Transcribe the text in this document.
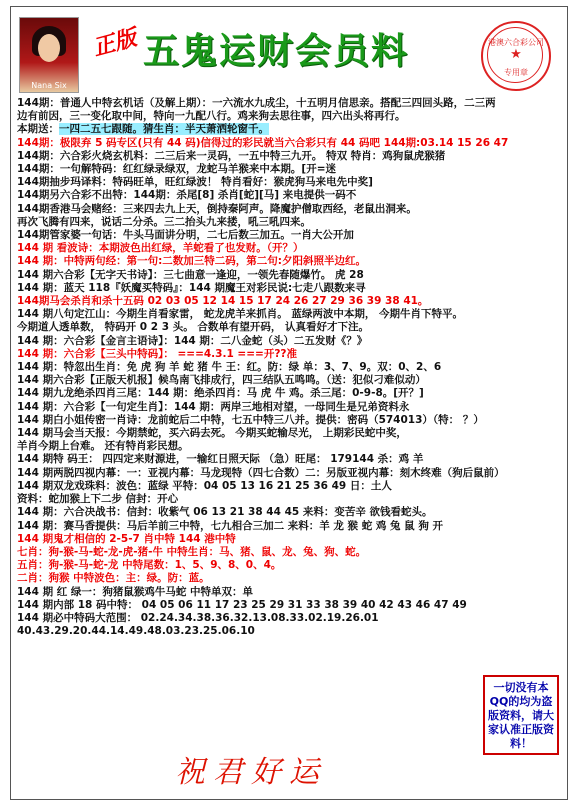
Nana Six
正版 五鬼运财会员料	港澳六合彩公司
★
专用章
144期：普通人中特玄机话（及解上期）：一六流水九成尘，十五明月信思亲。搭配三四回头路，二三两
边有前因，三一变化取中间，特向一九配八行。鸡来狗去思往事，四六出头将再行。
本期送：一四二五七跟随。猜生肖：半天萧洒轮窗千。
144期：极限弃 5 码专区(只有 44 码)信得过的彩民就当六合彩只有 44 码吧 144期:03.14 15 26 47
144期：六合彩火烧玄机料：二三后来一灵码，一五中特三九开。 特双 特肖：鸡狗鼠虎猴猪
144期：一句解特码：红红绿录绿双，龙蛇马羊猴来中本期。[开=迷
144期抽步玛译料：特码旺单，旺红绿波！ 特肖看好：猴虎狗马来电先中奖]
144期另六合彩不出特：144期：杀尾[8] 杀肖[蛇][马] 来电提供一码不
144期香港马会赌经：三来四去九上天，倒持秦阿声。降魔护僧取西经，老鼠出洞来。
再次飞腾有四来，说话二分杀。三二抬头九来搂，吼三吼四来。
144期管家婆一句话：牛头马面讲分明，二七后数三加五。一肖大公开加
144 期 看波诗：本期波色出红绿，羊蛇看了也发财。（开？）
144 期：中特两句经：第一句:二数加三特二码，第二句:夕阳斜照半边红。
144 期六合彩【无字天书诗】：三七曲意一逢迎，一领先春随爆竹。 虎 28
144 期：蓝天 118『妖魔买特码』：144 期魔王对彩民说:七走八跟数来寻
144期马会杀肖和杀十五码 02 03 05 12 14 15 17 24 26 27 29 36 39 38 41。
144 期八句定江山：今期生肖看家雷， 蛇龙虎羊来抓肖。 蓝绿两波中本期， 今期牛肖下特平。
今期道人透单数， 特码开 0 2 3 头。 合数单有望开码， 认真看好才下注。
144 期：六合彩【金言主语诗】：144 期：二八金蛇（头）二五发财《？》
144 期：六合彩【三头中特码】： ===4.3.1 ===开??准
144 期：特忽出生肖：免 虎 狗 羊 蛇 猪 牛 王：红。防：绿 单：3、7、9。双：0、2、6
144 期六合彩【正版天机报】候鸟南飞排成行，四三结队五鸣鸣。（送：犯似刁难似动）
144 期九龙绝杀四肖三尾：144 期：绝杀四肖：马 虎 牛 鸡。杀三尾：0-9-8。[开？]
144 期：六合彩【一句定生肖】：144 期：两岸三地相对望，一母同生是兄弟资料永
144 期白小姐传密一肖诗：龙前蛇后二中特，七五中特三八并。提供：密码（574013）（特： ？）
144 期马会当天报：今期禁蛇，买六码去死。 今期买蛇输尽光， 上期彩民蛇中奖，
羊肖今期上台难。 还有特肖彩民想。
144 期特 码王： 四四定来财源进，一输红日照天际 （急）旺尾： 179144 杀：鸡 羊
144 期两脱四视内幕：一：亚视内幕：马龙现特（四七合数）二：另版亚视内幕：刻木终难（狗后鼠前）
144 期双龙戏珠料：波色：蓝绿 平特：04 05 13 16 21 25 36 49 日：土人
资料：蛇加猴上下二步 信封：开心
144 期：六合决战书：信封：收紫气 06 13 21 38 44 45 来料：变苦辛 欲钱看蛇头。
144 期：赛马香提供：马后羊前三中特，七九相合三加二 来料：羊 龙 猴 蛇 鸡 兔 鼠 狗 开
144 期鬼才相信的 2-5-7 肖中特 144 港中特
七肖：狗-猴-马-蛇-龙-虎-猪-牛 中特生肖：马、猪、鼠、龙、兔、狗、蛇。
五肖：狗-猴-马-蛇-龙 中特尾数：1、5、9、8、0、4。
二肖：狗猴 中特波色：主：绿。防：蓝。
144 期 红 绿一：狗猪鼠猴鸡牛马蛇 中特单双：单
144 期内部 18 码中特： 04 05 06 11 17 23 25 29 31 33 38 39 40 42 43 46 47 49
144 期必中特码大范围： 02.24.34.38.36.32.13.08.33.02.19.26.01
40.43.29.20.44.14.49.48.03.23.25.06.10
一切没有本QQ的均为盗版资料，请大家认准正版资料！
祝君好运
